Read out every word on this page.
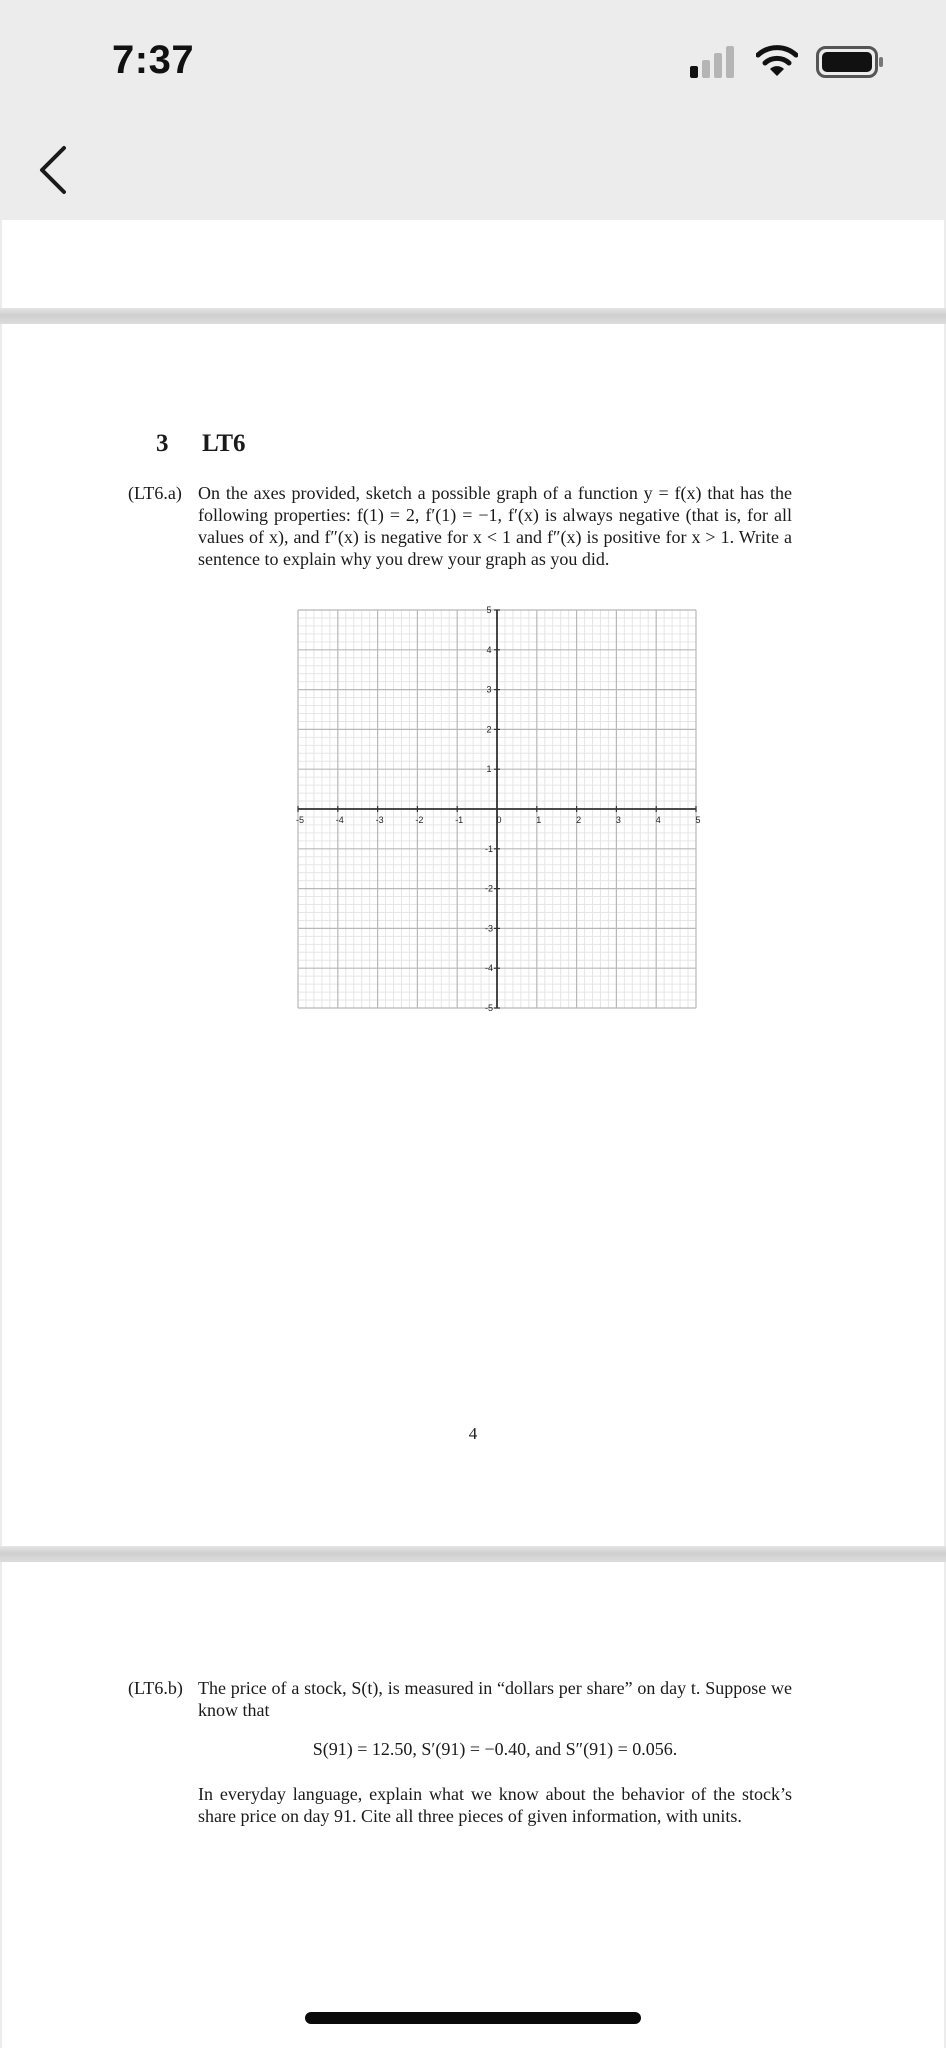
7:37
3 LT6
(LT6.a) On the axes provided, sketch a possible graph of a function y = f(x) that has the following properties: f(1) = 2, f′(1) = −1, f′(x) is always negative (that is, for all values of x), and f″(x) is negative for x < 1 and f″(x) is positive for x > 1. Write a sentence to explain why you drew your graph as you did.

-5	-4	-3	-2	-1	0	1	2	3	4	5
5
4
3
2
1
-1
-2
-3
-4
-5
4
(LT6.b) The price of a stock, S(t), is measured in “dollars per share” on day t. Suppose we know that

S(91) = 12.50, S′(91) = −0.40, and S″(91) = 0.056.

In everyday language, explain what we know about the behavior of the stock’s share price on day 91. Cite all three pieces of given information, with units.
